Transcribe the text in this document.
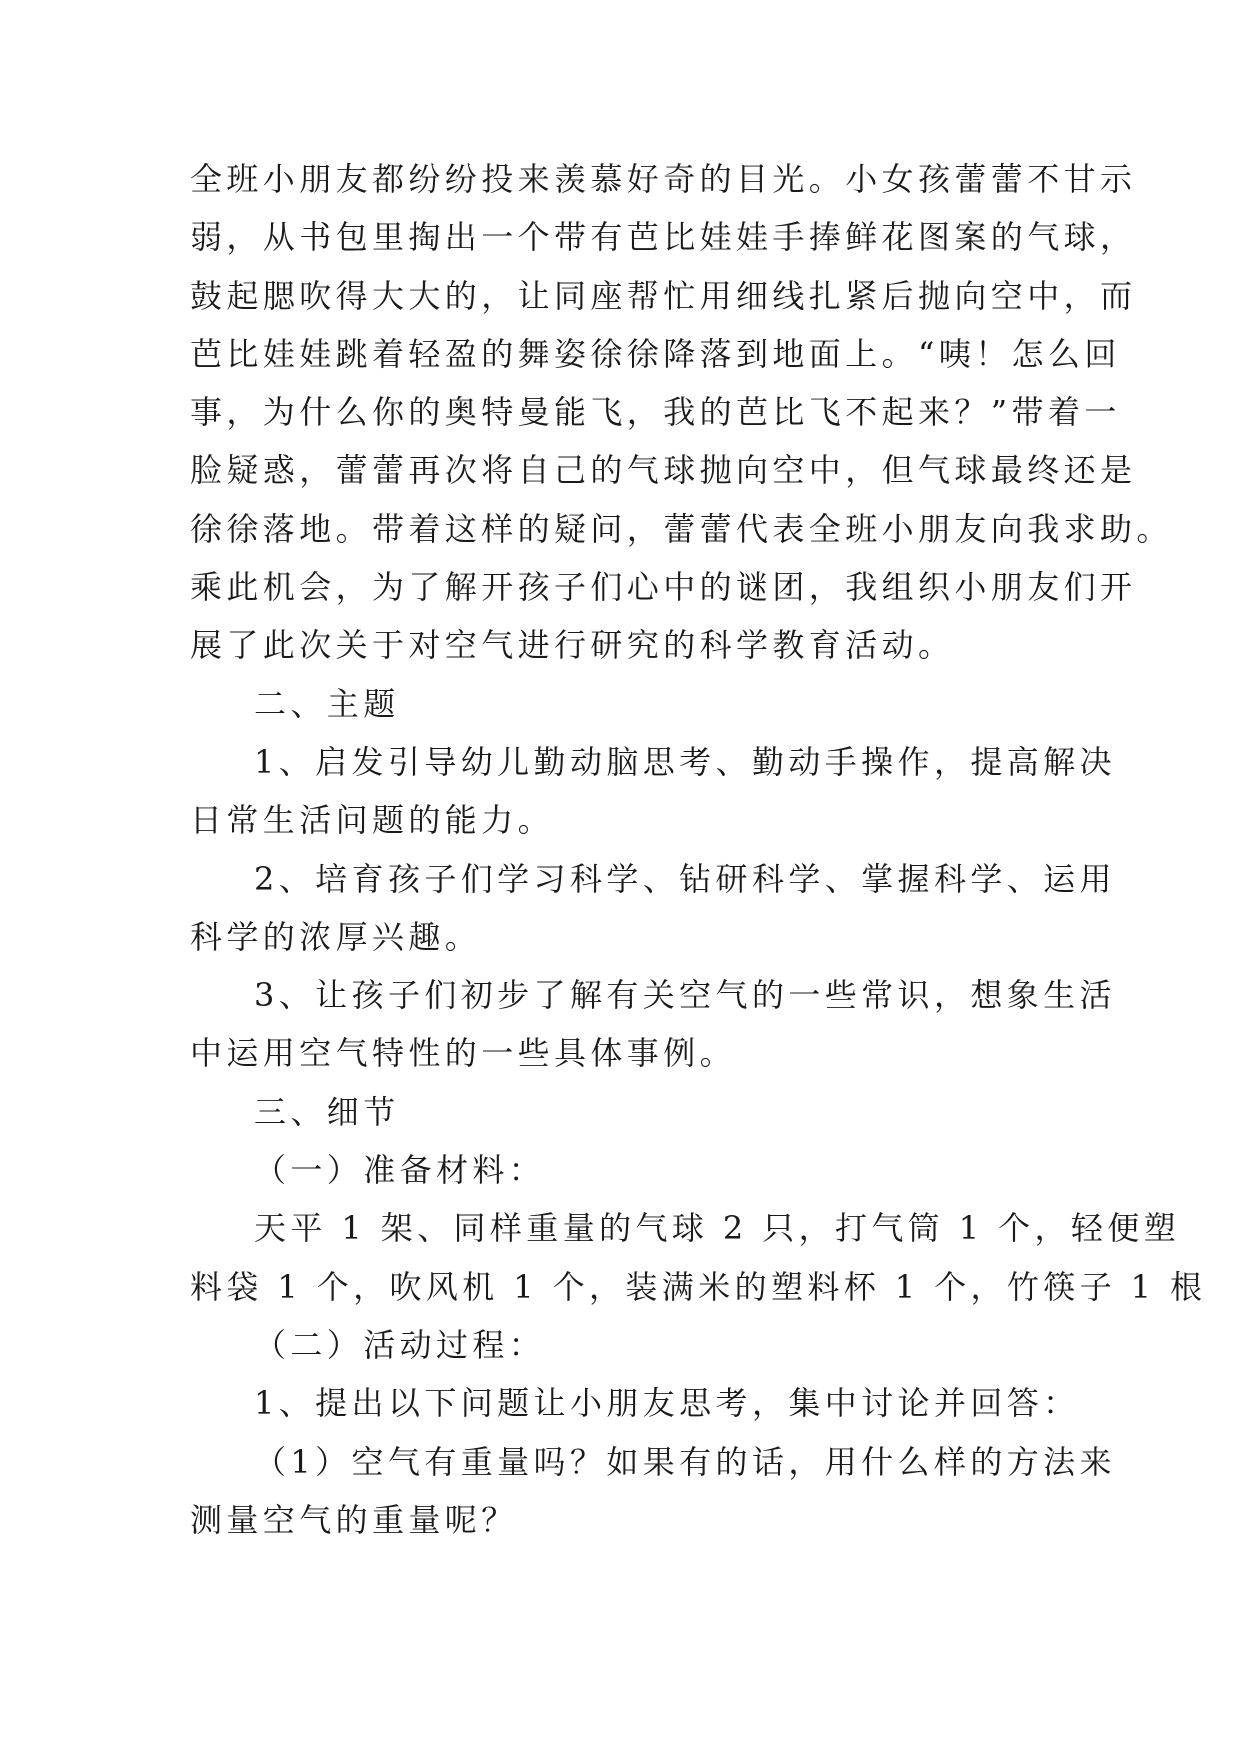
全班小朋友都纷纷投来羡慕好奇的目光。小女孩蕾蕾不甘示
弱，从书包里掏出一个带有芭比娃娃手捧鲜花图案的气球，
鼓起腮吹得大大的，让同座帮忙用细线扎紧后抛向空中，而
芭比娃娃跳着轻盈的舞姿徐徐降落到地面上。“咦！怎么回
事，为什么你的奥特曼能飞，我的芭比飞不起来？”带着一
脸疑惑，蕾蕾再次将自己的气球抛向空中，但气球最终还是
徐徐落地。带着这样的疑问，蕾蕾代表全班小朋友向我求助。
乘此机会，为了解开孩子们心中的谜团，我组织小朋友们开
展了此次关于对空气进行研究的科学教育活动。
二、主题
1、启发引导幼儿勤动脑思考、勤动手操作，提高解决
日常生活问题的能力。
2、培育孩子们学习科学、钻研科学、掌握科学、运用
科学的浓厚兴趣。
3、让孩子们初步了解有关空气的一些常识，想象生活
中运用空气特性的一些具体事例。
三、细节
（一）准备材料：
天平 1 架、同样重量的气球 2 只，打气筒 1 个，轻便塑
料袋 1 个，吹风机 1 个，装满米的塑料杯 1 个，竹筷子 1 根
（二）活动过程：
1、提出以下问题让小朋友思考，集中讨论并回答：
（1）空气有重量吗？如果有的话，用什么样的方法来
测量空气的重量呢？
